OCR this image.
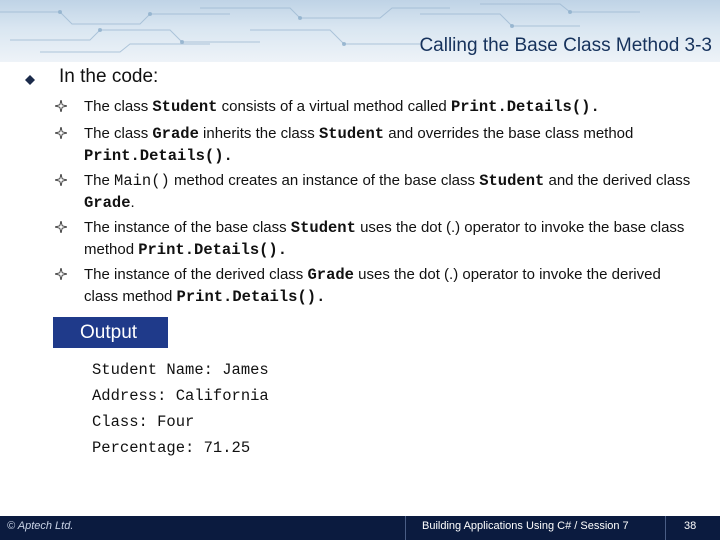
Calling the Base Class Method 3-3
In the code:
The class Student consists of a virtual method called Print.Details().
The class Grade inherits the class Student and overrides the base class method Print.Details().
The Main() method creates an instance of the base class Student and the derived class Grade.
The instance of the base class Student uses the dot (.) operator to invoke the base class method Print.Details().
The instance of the derived class Grade uses the dot (.) operator to invoke the derived class method Print.Details().
Output
Student Name: James
Address: California
Class: Four
Percentage: 71.25
© Aptech Ltd.	Building Applications Using C# / Session 7	38
